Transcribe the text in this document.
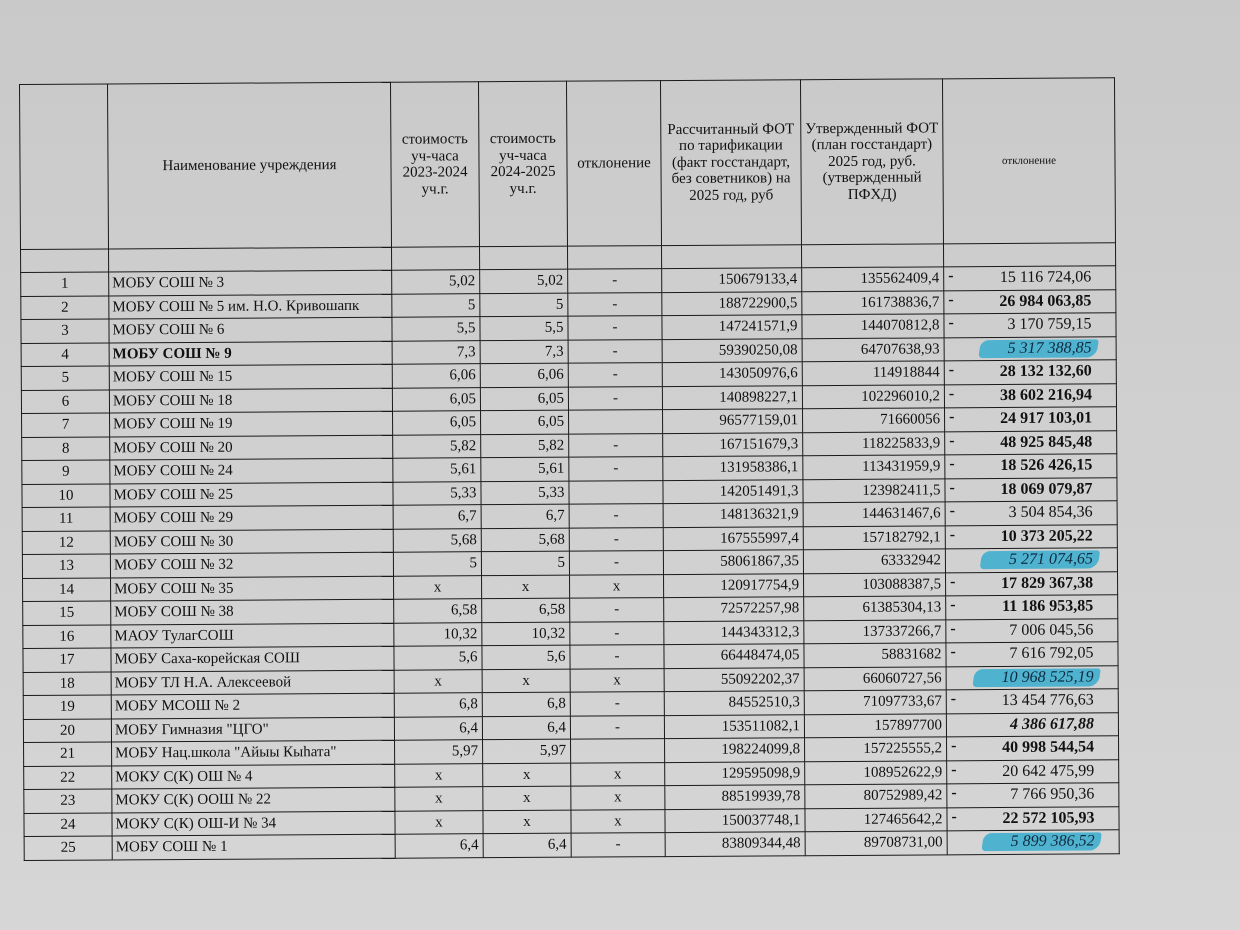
	Наименование учреждения	стоимость уч-часа 2023-2024 уч.г.	стоимость уч-часа 2024-2025 уч.г.	отклонение	Рассчитанный ФОТ по тарификации (факт госстандарт, без советников) на 2025 год, руб	Утвержденный ФОТ (план госстандарт) 2025 год, руб. (утвержденный ПФХД)	отклонение

1	МОБУ СОШ № 3	5,02	5,02	-	150679133,4	135562409,4	- 15 116 724,06
2	МОБУ СОШ № 5 им. Н.О. Кривошапк	5	5	-	188722900,5	161738836,7	- 26 984 063,85
3	МОБУ СОШ № 6	5,5	5,5	-	147241571,9	144070812,8	- 3 170 759,15
4	МОБУ СОШ № 9	7,3	7,3	-	59390250,08	64707638,93	5 317 388,85
5	МОБУ СОШ № 15	6,06	6,06	-	143050976,6	114918844	- 28 132 132,60
6	МОБУ СОШ № 18	6,05	6,05	-	140898227,1	102296010,2	- 38 602 216,94
7	МОБУ СОШ № 19	6,05	6,05		96577159,01	71660056	- 24 917 103,01
8	МОБУ СОШ № 20	5,82	5,82	-	167151679,3	118225833,9	- 48 925 845,48
9	МОБУ СОШ № 24	5,61	5,61	-	131958386,1	113431959,9	- 18 526 426,15
10	МОБУ СОШ № 25	5,33	5,33		142051491,3	123982411,5	- 18 069 079,87
11	МОБУ СОШ № 29	6,7	6,7	-	148136321,9	144631467,6	- 3 504 854,36
12	МОБУ СОШ № 30	5,68	5,68	-	167555997,4	157182792,1	- 10 373 205,22
13	МОБУ СОШ № 32	5	5	-	58061867,35	63332942	5 271 074,65
14	МОБУ СОШ № 35	x	x	x	120917754,9	103088387,5	- 17 829 367,38
15	МОБУ СОШ № 38	6,58	6,58	-	72572257,98	61385304,13	- 11 186 953,85
16	МАОУ ТулагСОШ	10,32	10,32	-	144343312,3	137337266,7	- 7 006 045,56
17	МОБУ Саха-корейская СОШ	5,6	5,6	-	66448474,05	58831682	- 7 616 792,05
18	МОБУ ТЛ Н.А. Алексеевой	x	x	x	55092202,37	66060727,56	10 968 525,19
19	МОБУ МСОШ № 2	6,8	6,8	-	84552510,3	71097733,67	- 13 454 776,63
20	МОБУ Гимназия "ЦГО"	6,4	6,4	-	153511082,1	157897700	4 386 617,88
21	МОБУ Нац.школа "Айыы Кыhата"	5,97	5,97		198224099,8	157225555,2	- 40 998 544,54
22	МОКУ С(К) ОШ № 4	x	x	x	129595098,9	108952622,9	- 20 642 475,99
23	МОКУ С(К) ООШ № 22	x	x	x	88519939,78	80752989,42	- 7 766 950,36
24	МОКУ С(К) ОШ-И № 34	x	x	x	150037748,1	127465642,2	- 22 572 105,93
25	МОБУ СОШ № 1	6,4	6,4	-	83809344,48	89708731,00	5 899 386,52
